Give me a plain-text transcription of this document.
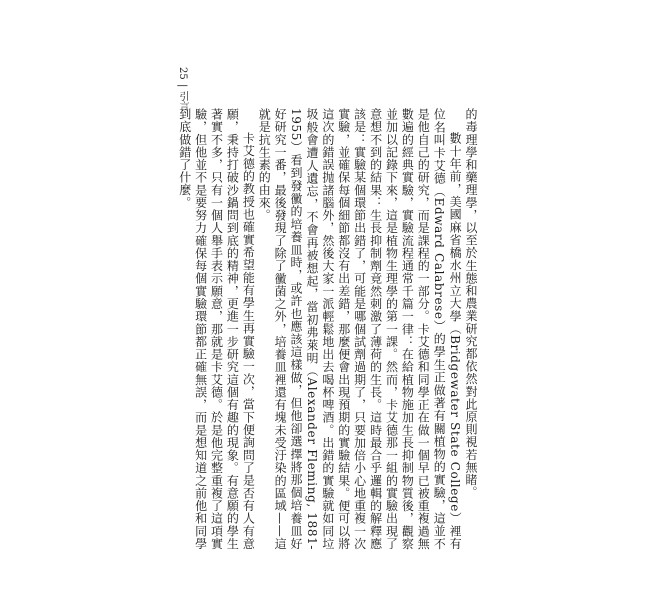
25|引言

的毒理學和藥理學，以至於生態和農業研究都依然對此原則視若無睹。

數十年前，美國麻省橋水州立大學（Bridgewater State College）裡有位名叫卡艾德（Edward Calabrese）的學生正做著有關植物的實驗，這並不是他自己的研究，而是課程的一部分。卡艾德和同學正在做一個早已被重複過無數遍的經典實驗，實驗流程通常千篇一律：在給植物施加生長抑制物質後，觀察並加以記錄下來，這是植物生理學的第一課。然而，卡艾德那一組的實驗出現了意想不到的結果：生長抑制劑竟然刺激了薄荷的生長。這時最合乎邏輯的解釋應該是：實驗某個環節出錯了，可能是哪個試劑過期了，只要加倍小心地重複一次實驗，並確保每個細節都沒有出差錯，那麼便會出現預期的實驗結果。便可以將這次的錯誤抛諸腦外，然後大家一派輕鬆地出去喝杯啤酒。出錯的實驗就如同垃圾般會遭人遺忘，不會再被想起，當初弗萊明（Alexander Fleming, 1881-1955）看到發黴的培養皿時，或許也應該這樣做，但他卻選擇將那個培養皿好好研究一番，最後發現了除了黴菌之外，培養皿裡還有塊未受汙染的區域——這就是抗生素的由來。

卡艾德的教授也確實希望能有學生再實驗一次，當下便詢問了是否有人有意願，秉持打破沙鍋問到底的精神，更進一步研究這個有趣的現象。有意願的學生著實不多，只有一個人舉手表示願意，那就是卡艾德。於是他完整重複了這項實驗，但他並不是要努力確保每個實驗環節都正確無誤，而是想知道之前他和同學到底做錯了什麼。
